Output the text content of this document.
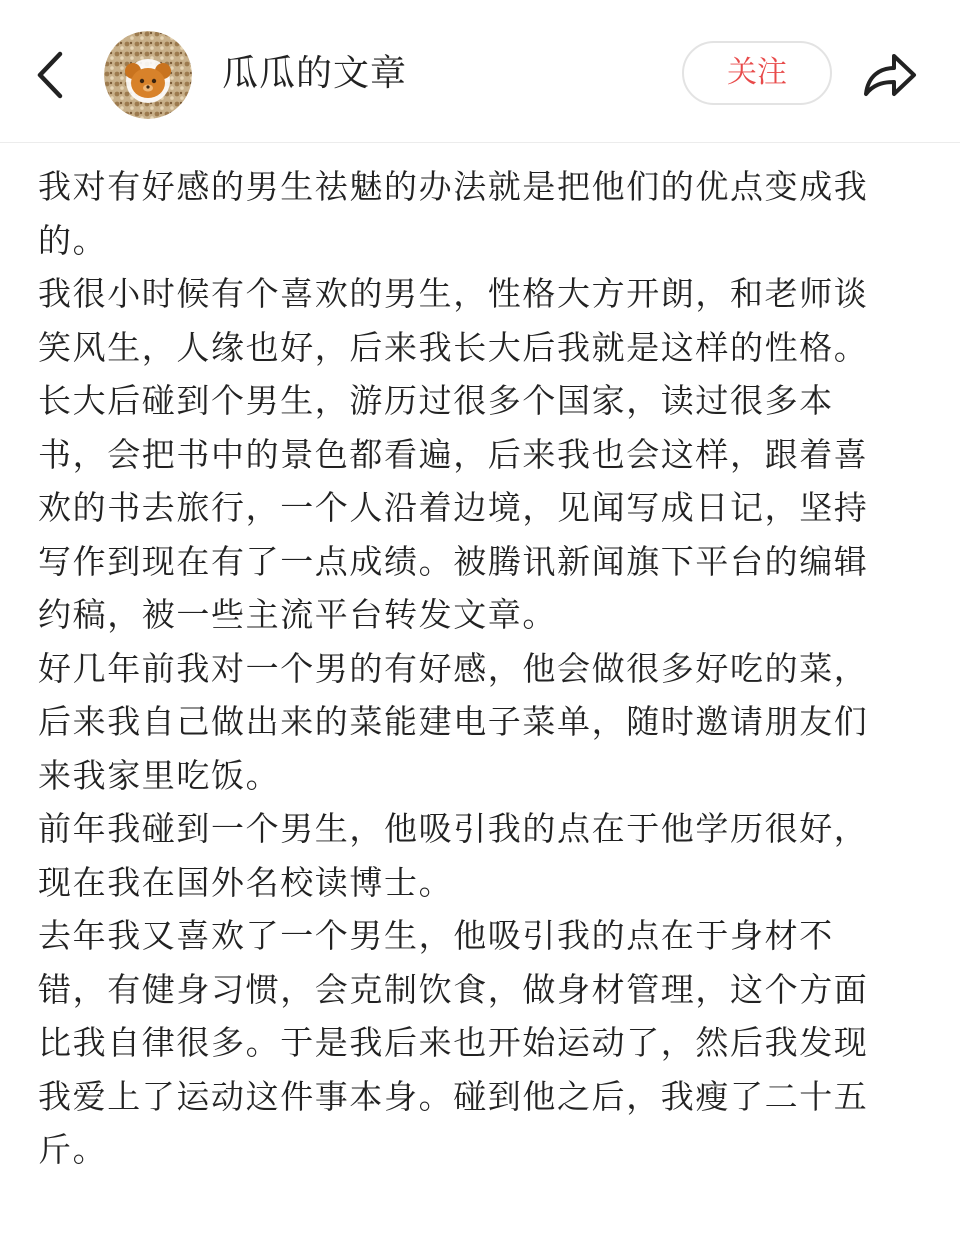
瓜瓜的文章	关注

我对有好感的男生祛魅的办法就是把他们的优点变成我的。

我很小时候有个喜欢的男生，性格大方开朗，和老师谈笑风生，人缘也好，后来我长大后我就是这样的性格。

长大后碰到个男生，游历过很多个国家，读过很多本书，会把书中的景色都看遍，后来我也会这样，跟着喜欢的书去旅行，一个人沿着边境，见闻写成日记，坚持写作到现在有了一点成绩。被腾讯新闻旗下平台的编辑约稿，被一些主流平台转发文章。

好几年前我对一个男的有好感，他会做很多好吃的菜，后来我自己做出来的菜能建电子菜单，随时邀请朋友们来我家里吃饭。

前年我碰到一个男生，他吸引我的点在于他学历很好，现在我在国外名校读博士。

去年我又喜欢了一个男生，他吸引我的点在于身材不错，有健身习惯，会克制饮食，做身材管理，这个方面比我自律很多。于是我后来也开始运动了，然后我发现我爱上了运动这件事本身。碰到他之后，我瘦了二十五斤。
